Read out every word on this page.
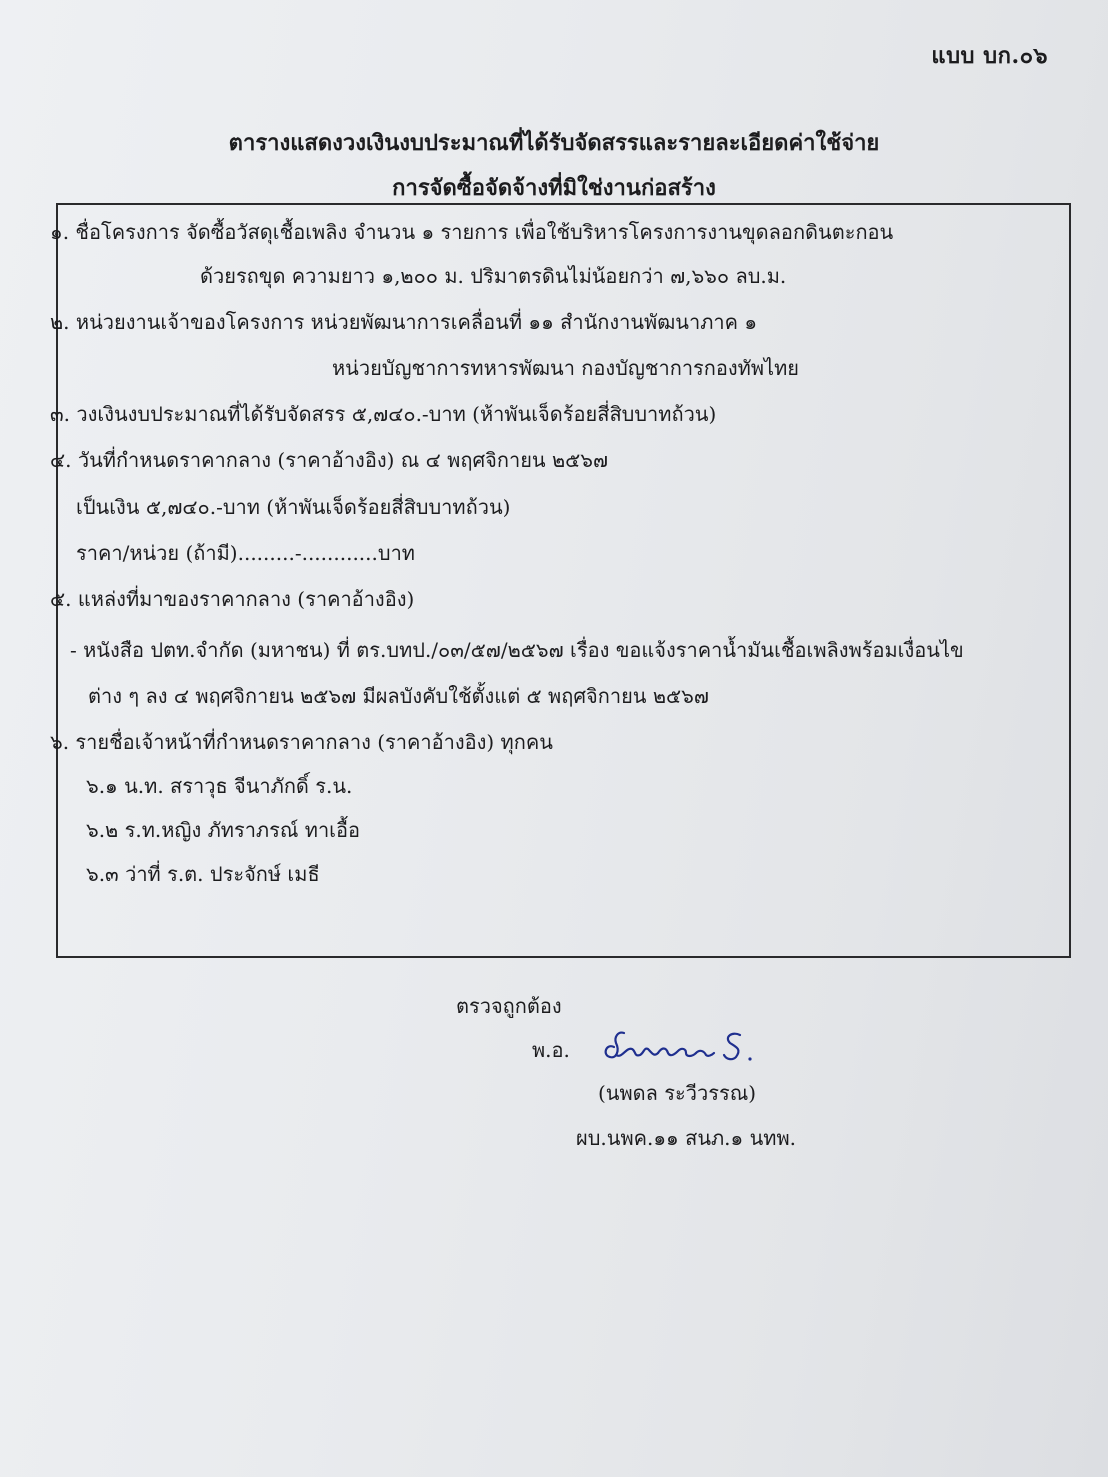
แบบ บก.๐๖
ตารางแสดงวงเงินงบประมาณที่ได้รับจัดสรรและรายละเอียดค่าใช้จ่าย
การจัดซื้อจัดจ้างที่มิใช่งานก่อสร้าง
๑. ชื่อโครงการ จัดซื้อวัสดุเชื้อเพลิง จำนวน ๑ รายการ เพื่อใช้บริหารโครงการงานขุดลอกดินตะกอน
ด้วยรถขุด ความยาว ๑,๒๐๐ ม. ปริมาตรดินไม่น้อยกว่า ๗,๖๖๐ ลบ.ม.
๒. หน่วยงานเจ้าของโครงการ หน่วยพัฒนาการเคลื่อนที่ ๑๑ สำนักงานพัฒนาภาค ๑
หน่วยบัญชาการทหารพัฒนา กองบัญชาการกองทัพไทย
๓. วงเงินงบประมาณที่ได้รับจัดสรร ๕,๗๔๐.-บาท (ห้าพันเจ็ดร้อยสี่สิบบาทถ้วน)
๔. วันที่กำหนดราคากลาง (ราคาอ้างอิง) ณ ๔ พฤศจิกายน ๒๕๖๗
เป็นเงิน ๕,๗๔๐.-บาท (ห้าพันเจ็ดร้อยสี่สิบบาทถ้วน)
ราคา/หน่วย (ถ้ามี).........-............บาท
๕. แหล่งที่มาของราคากลาง (ราคาอ้างอิง)
- หนังสือ ปตท.จำกัด (มหาชน) ที่ ตร.บทป./๐๓/๕๗/๒๕๖๗ เรื่อง ขอแจ้งราคาน้ำมันเชื้อเพลิงพร้อมเงื่อนไข
ต่าง ๆ ลง ๔ พฤศจิกายน ๒๕๖๗ มีผลบังคับใช้ตั้งแต่ ๕ พฤศจิกายน ๒๕๖๗
๖. รายชื่อเจ้าหน้าที่กำหนดราคากลาง (ราคาอ้างอิง) ทุกคน
๖.๑ น.ท. สราวุธ จีนาภักดิ์ ร.น.
๖.๒ ร.ท.หญิง ภัทราภรณ์ ทาเอื้อ
๖.๓ ว่าที่ ร.ต. ประจักษ์ เมธี
ตรวจถูกต้อง
พ.อ.
(นพดล ระวีวรรณ)
ผบ.นพค.๑๑ สนภ.๑ นทพ.
